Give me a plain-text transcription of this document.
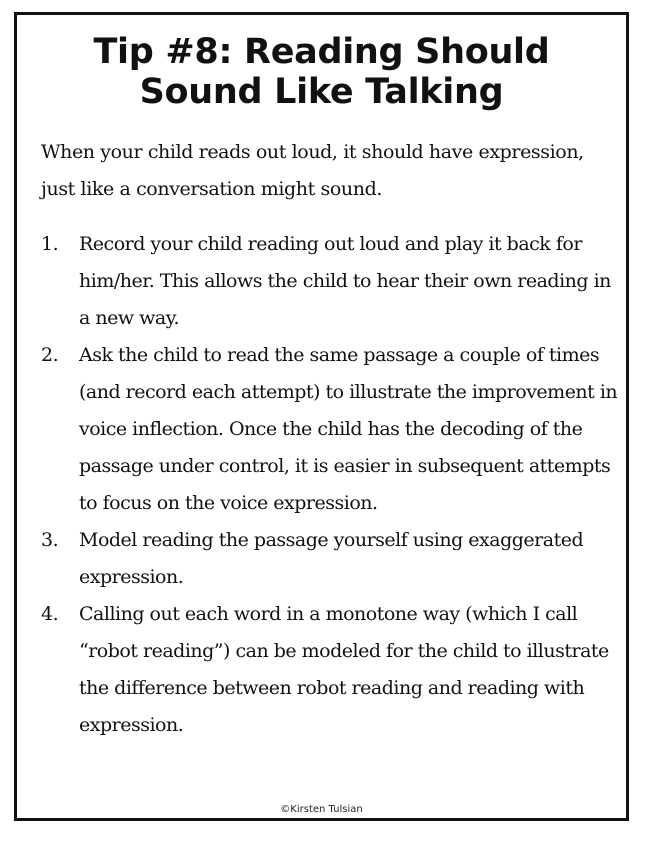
Tip #8: Reading Should
Sound Like Talking

When your child reads out loud, it should have expression, just like a conversation might sound.

1. Record your child reading out loud and play it back for him/her. This allows the child to hear their own reading in a new way.
2. Ask the child to read the same passage a couple of times (and record each attempt) to illustrate the improvement in voice inflection. Once the child has the decoding of the passage under control, it is easier in subsequent attempts to focus on the voice expression.
3. Model reading the passage yourself using exaggerated expression.
4. Calling out each word in a monotone way (which I call “robot reading”) can be modeled for the child to illustrate the difference between robot reading and reading with expression.

©Kirsten Tulsian
